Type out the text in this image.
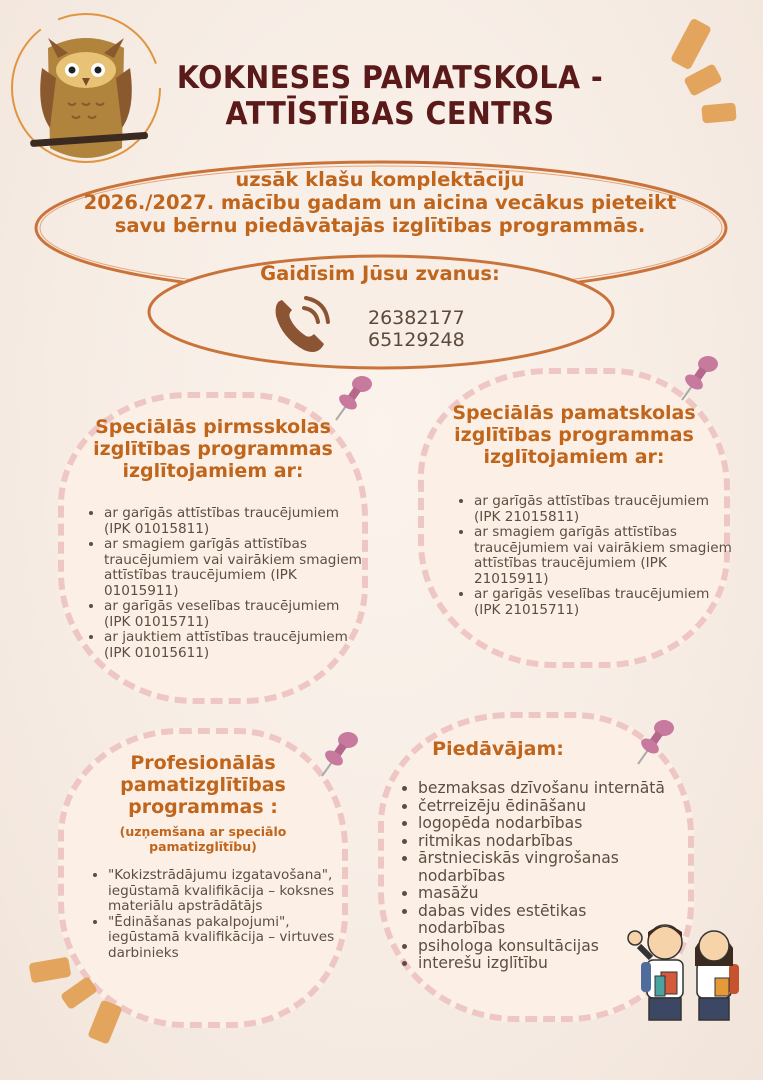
KOKNESES PAMATSKOLA -
ATTĪSTĪBAS CENTRS
uzsāk klašu komplektāciju
2026./2027. mācību gadam un aicina vecākus pieteikt
savu bērnu piedāvātajās izglītības programmās.
Gaidīsim Jūsu zvanus:
26382177
65129248
Speciālās pirmsskolas
izglītības programmas
izglītojamiem ar:
• ar garīgās attīstības traucējumiem (IPK 01015811)
• ar smagiem garīgās attīstības traucējumiem vai vairākiem smagiem attīstības traucējumiem (IPK 01015911)
• ar garīgās veselības traucējumiem (IPK 01015711)
• ar jauktiem attīstības traucējumiem (IPK 01015611)
Speciālās pamatskolas
izglītības programmas
izglītojamiem ar:
• ar garīgās attīstības traucējumiem (IPK 21015811)
• ar smagiem garīgās attīstības traucējumiem vai vairākiem smagiem attīstības traucējumiem (IPK 21015911)
• ar garīgās veselības traucējumiem (IPK 21015711)
Profesionālās
pamatizglītības
programmas :
(uzņemšana ar speciālo
pamatizglītību)
• "Kokizstrādājumu izgatavošana", iegūstamā kvalifikācija – koksnes materiālu apstrādātājs
• "Ēdināšanas pakalpojumi", iegūstamā kvalifikācija – virtuves darbinieks
Piedāvājam:
• bezmaksas dzīvošanu internātā
• četrreizēju ēdināšanu
• logopēda nodarbības
• ritmikas nodarbības
• ārstnieciskās vingrošanas nodarbības
• masāžu
• dabas vides estētikas nodarbības
• psihologa konsultācijas
• interešu izglītību
